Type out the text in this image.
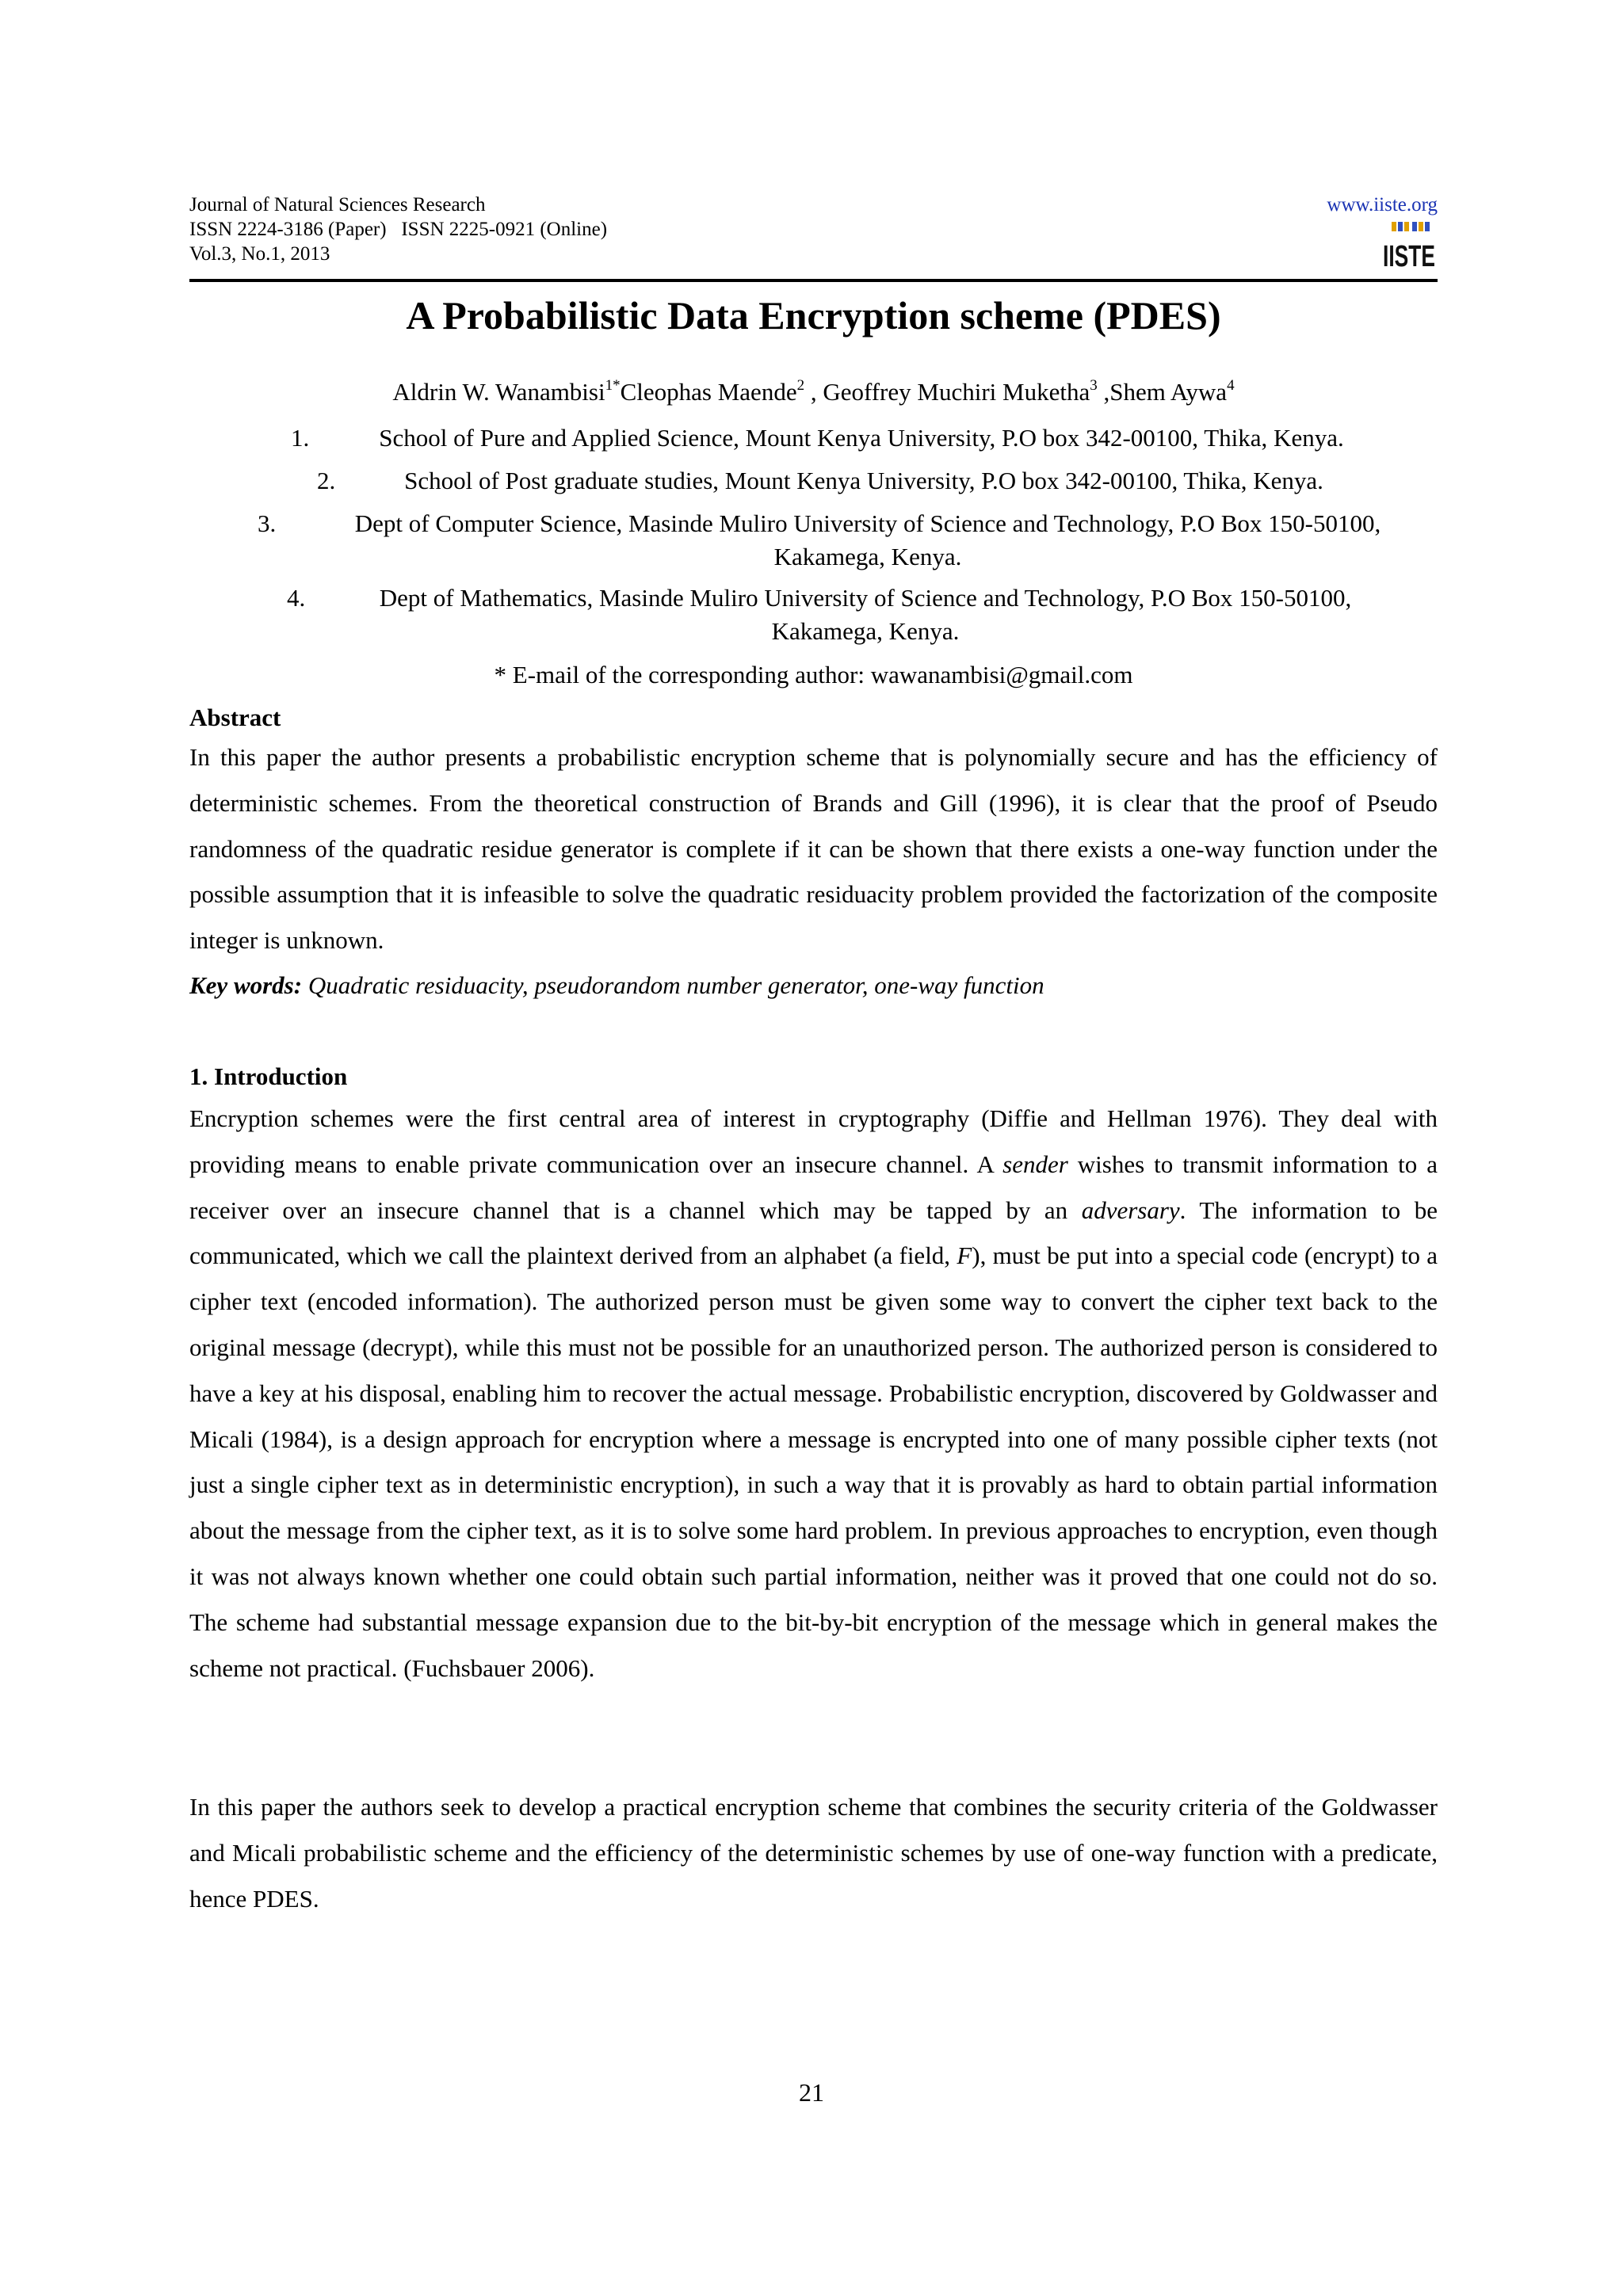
Journal of Natural Sciences Research
ISSN 2224-3186 (Paper)   ISSN 2225-0921 (Online)
Vol.3, No.1, 2013
www.iiste.org
IISTE
A Probabilistic Data Encryption scheme (PDES)
Aldrin W. Wanambisi$^{1*}$Cleophas Maende$^2$ , Geoffrey Muchiri Muketha$^3$ ,Shem Aywa$^4$
1.	School of Pure and Applied Science, Mount Kenya University, P.O box 342-00100, Thika, Kenya.
2.	School of Post graduate studies, Mount Kenya University, P.O box 342-00100, Thika, Kenya.
3.	Dept of Computer Science, Masinde Muliro University of Science and Technology, P.O Box 150-50100,
Kakamega, Kenya.
4.	Dept of Mathematics, Masinde Muliro University of Science and Technology, P.O Box 150-50100,
Kakamega, Kenya.
* E-mail of the corresponding author: wawanambisi@gmail.com
Abstract
In this paper the author presents a probabilistic encryption scheme that is polynomially secure and has the efficiency of deterministic schemes. From the theoretical construction of Brands and Gill (1996), it is clear that the proof of Pseudo randomness of the quadratic residue generator is complete if it can be shown that there exists a one-way function under the possible assumption that it is infeasible to solve the quadratic residuacity problem provided the factorization of the composite integer is unknown.
Key words: Quadratic residuacity, pseudorandom number generator, one-way function
1. Introduction
Encryption schemes were the first central area of interest in cryptography (Diffie and Hellman 1976). They deal with providing means to enable private communication over an insecure channel. A sender wishes to transmit information to a receiver over an insecure channel that is a channel which may be tapped by an adversary. The information to be communicated, which we call the plaintext derived from an alphabet (a field, F), must be put into a special code (encrypt) to a cipher text (encoded information). The authorized person must be given some way to convert the cipher text back to the original message (decrypt), while this must not be possible for an unauthorized person. The authorized person is considered to have a key at his disposal, enabling him to recover the actual message. Probabilistic encryption, discovered by Goldwasser and Micali (1984), is a design approach for encryption where a message is encrypted into one of many possible cipher texts (not just a single cipher text as in deterministic encryption), in such a way that it is provably as hard to obtain partial information about the message from the cipher text, as it is to solve some hard problem. In previous approaches to encryption, even though it was not always known whether one could obtain such partial information, neither was it proved that one could not do so. The scheme had substantial message expansion due to the bit-by-bit encryption of the message which in general makes the scheme not practical. (Fuchsbauer 2006).
In this paper the authors seek to develop a practical encryption scheme that combines the security criteria of the Goldwasser and Micali probabilistic scheme and the efficiency of the deterministic schemes by use of one-way function with a predicate, hence PDES.
21
